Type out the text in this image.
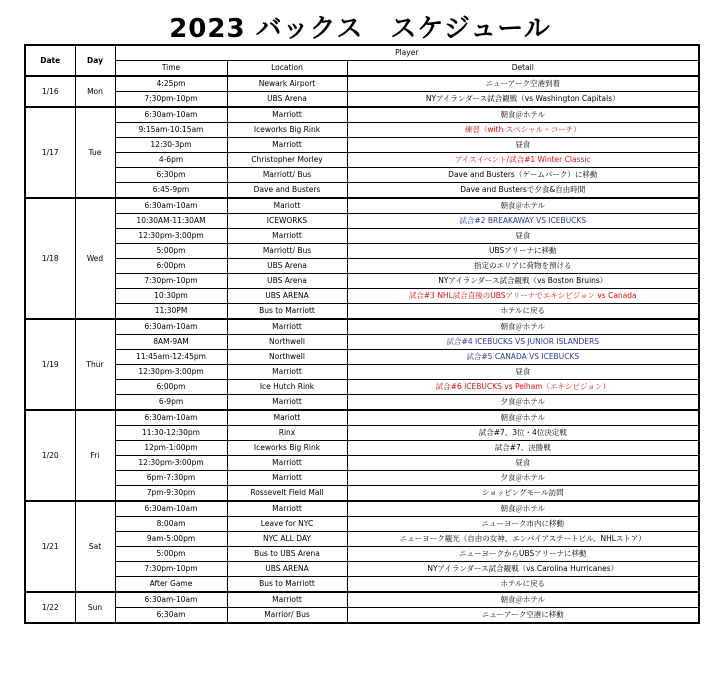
2023 バックス　スケジュール
Date	Day	Player		
		Time	Location	Detail
1/16	Mon	4:25pm	Newark Airport	ニューアーク空港到着
		7:30pm-10pm	UBS Arena	NYアイランダース試合観戦（vs Washington Capitals）
1/17	Tue	6:30am-10am	Marriott	朝食＠ホテル
		9:15am-10:15am	Iceworks Big Rink	練習（with スペシャル・コーチ）
		12:30-3pm	Marriott	昼食
		4-6pm	Christopher Morley	アイスイベント/試合#1 Winter Classic
		6:30pm	Marriott/ Bus	Dave and Busters（ゲームパーク）に移動
		6:45-9pm	Dave and Busters	Dave and Bustersで夕食&自由時間
1/18	Wed	6:30am-10am	Mariott	朝食＠ホテル
		10:30AM-11:30AM	ICEWORKS	試合#2 BREAKAWAY VS ICEBUCKS
		12:30pm-3:00pm	Marriott	昼食
		5:00pm	Marriott/ Bus	UBSアリーナに移動
		6:00pm	UBS Arena	指定のエリアに荷物を預ける
		7:30pm-10pm	UBS Arena	NYアイランダース試合観戦（vs Boston Bruins）
		10:30pm	UBS ARENA	試合#3 NHL試合直後のUBSアリーナでエキシビジョン vs Canada
		11:30PM	Bus to Marriott	ホテルに戻る
1/19	Thur	6:30am-10am	Marriott	朝食＠ホテル
		8AM-9AM	Northwell	試合#4 ICEBUCKS VS JUNIOR ISLANDERS
		11:45am-12:45pm	Northwell	試合#5 CANADA VS ICEBUCKS
		12:30pm-3:00pm	Marriott	昼食
		6:00pm	Ice Hutch Rink	試合#6 ICEBUCKS vs Pelham（エキシビジョン）
		6-9pm	Marriott	夕食＠ホテル
1/20	Fri	6:30am-10am	Mariott	朝食＠ホテル
		11:30-12:30pm	Rinx	試合#7、3位・4位決定戦
		12pm-1:00pm	Iceworks Big Rink	試合#7、決勝戦
		12:30pm-3:00pm	Marriott	昼食
		6pm-7:30pm	Marriott	夕食＠ホテル
		7pm-9:30pm	Rossevelt Field Mall	ショッピングモール訪問
1/21	Sat	6:30am-10am	Marriott	朝食＠ホテル
		8:00am	Leave for NYC	ニューヨーク市内に移動
		9am-5:00pm	NYC ALL DAY	ニューヨーク観光（自由の女神、エンパイアステートビル、NHLストア）
		5:00pm	Bus to UBS Arena	ニューヨークからUBSアリーナに移動
		7:30pm-10pm	UBS ARENA	NYアイランダース試合観戦（vs Carolina Hurricanes）
		After Game	Bus to Marriott	ホテルに戻る
1/22	Sun	6:30am-10am	Marriott	朝食＠ホテル
		6:30am	Marrior/ Bus	ニューアーク空港に移動
